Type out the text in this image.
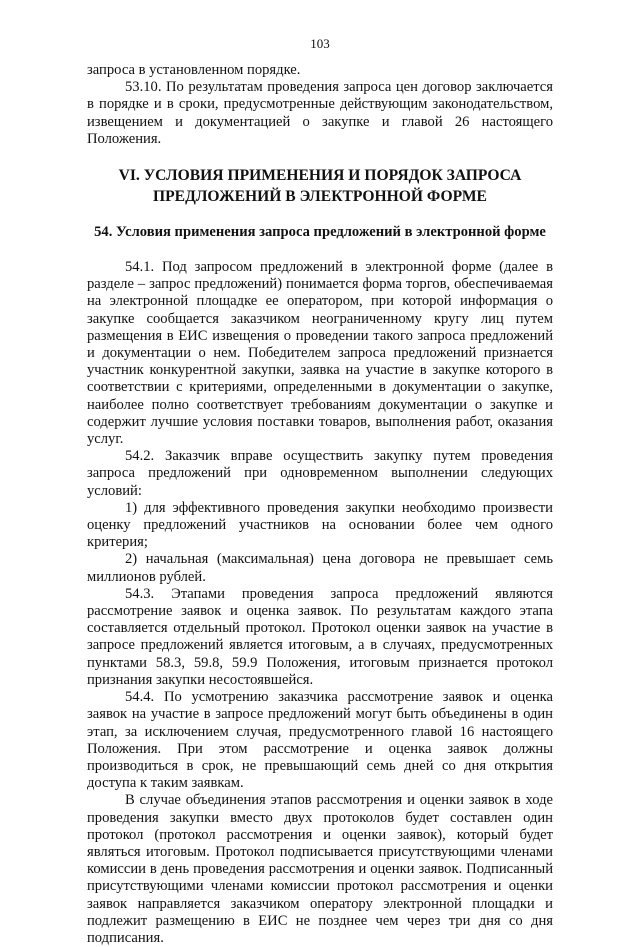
103

запроса в установленном порядке.

53.10. По результатам проведения запроса цен договор заключается в порядке и в сроки, предусмотренные действующим законодательством, извещением и документацией о закупке и главой 26 настоящего Положения.

VI. УСЛОВИЯ ПРИМЕНЕНИЯ И ПОРЯДОК ЗАПРОСА
ПРЕДЛОЖЕНИЙ В ЭЛЕКТРОННОЙ ФОРМЕ
54. Условия применения запроса предложений в электронной форме

54.1. Под запросом предложений в электронной форме (далее в разделе – запрос предложений) понимается форма торгов, обеспечиваемая на электронной площадке ее оператором, при которой информация о закупке сообщается заказчиком неограниченному кругу лиц путем размещения в ЕИС извещения о проведении такого запроса предложений и документации о нем. Победителем запроса предложений признается участник конкурентной закупки, заявка на участие в закупке которого в соответствии с критериями, определенными в документации о закупке, наиболее полно соответствует требованиям документации о закупке и содержит лучшие условия поставки товаров, выполнения работ, оказания услуг.

54.2. Заказчик вправе осуществить закупку путем проведения запроса предложений при одновременном выполнении следующих условий:

1) для эффективного проведения закупки необходимо произвести оценку предложений участников на основании более чем одного критерия;

2) начальная (максимальная) цена договора не превышает семь миллионов рублей.

54.3. Этапами проведения запроса предложений являются рассмотрение заявок и оценка заявок. По результатам каждого этапа составляется отдельный протокол. Протокол оценки заявок на участие в запросе предложений является итоговым, а в случаях, предусмотренных пунктами 58.3, 59.8, 59.9 Положения, итоговым признается протокол признания закупки несостоявшейся.

54.4. По усмотрению заказчика рассмотрение заявок и оценка заявок на участие в запросе предложений могут быть объединены в один этап, за исключением случая, предусмотренного главой 16 настоящего Положения. При этом рассмотрение и оценка заявок должны производиться в срок, не превышающий семь дней со дня открытия доступа к таким заявкам.

В случае объединения этапов рассмотрения и оценки заявок в ходе проведения закупки вместо двух протоколов будет составлен один протокол (протокол рассмотрения и оценки заявок), который будет являться итоговым. Протокол подписывается присутствующими членами комиссии в день проведения рассмотрения и оценки заявок. Подписанный присутствующими членами комиссии протокол рассмотрения и оценки заявок направляется заказчиком оператору электронной площадки и подлежит размещению в ЕИС не позднее чем через три дня со дня подписания.
